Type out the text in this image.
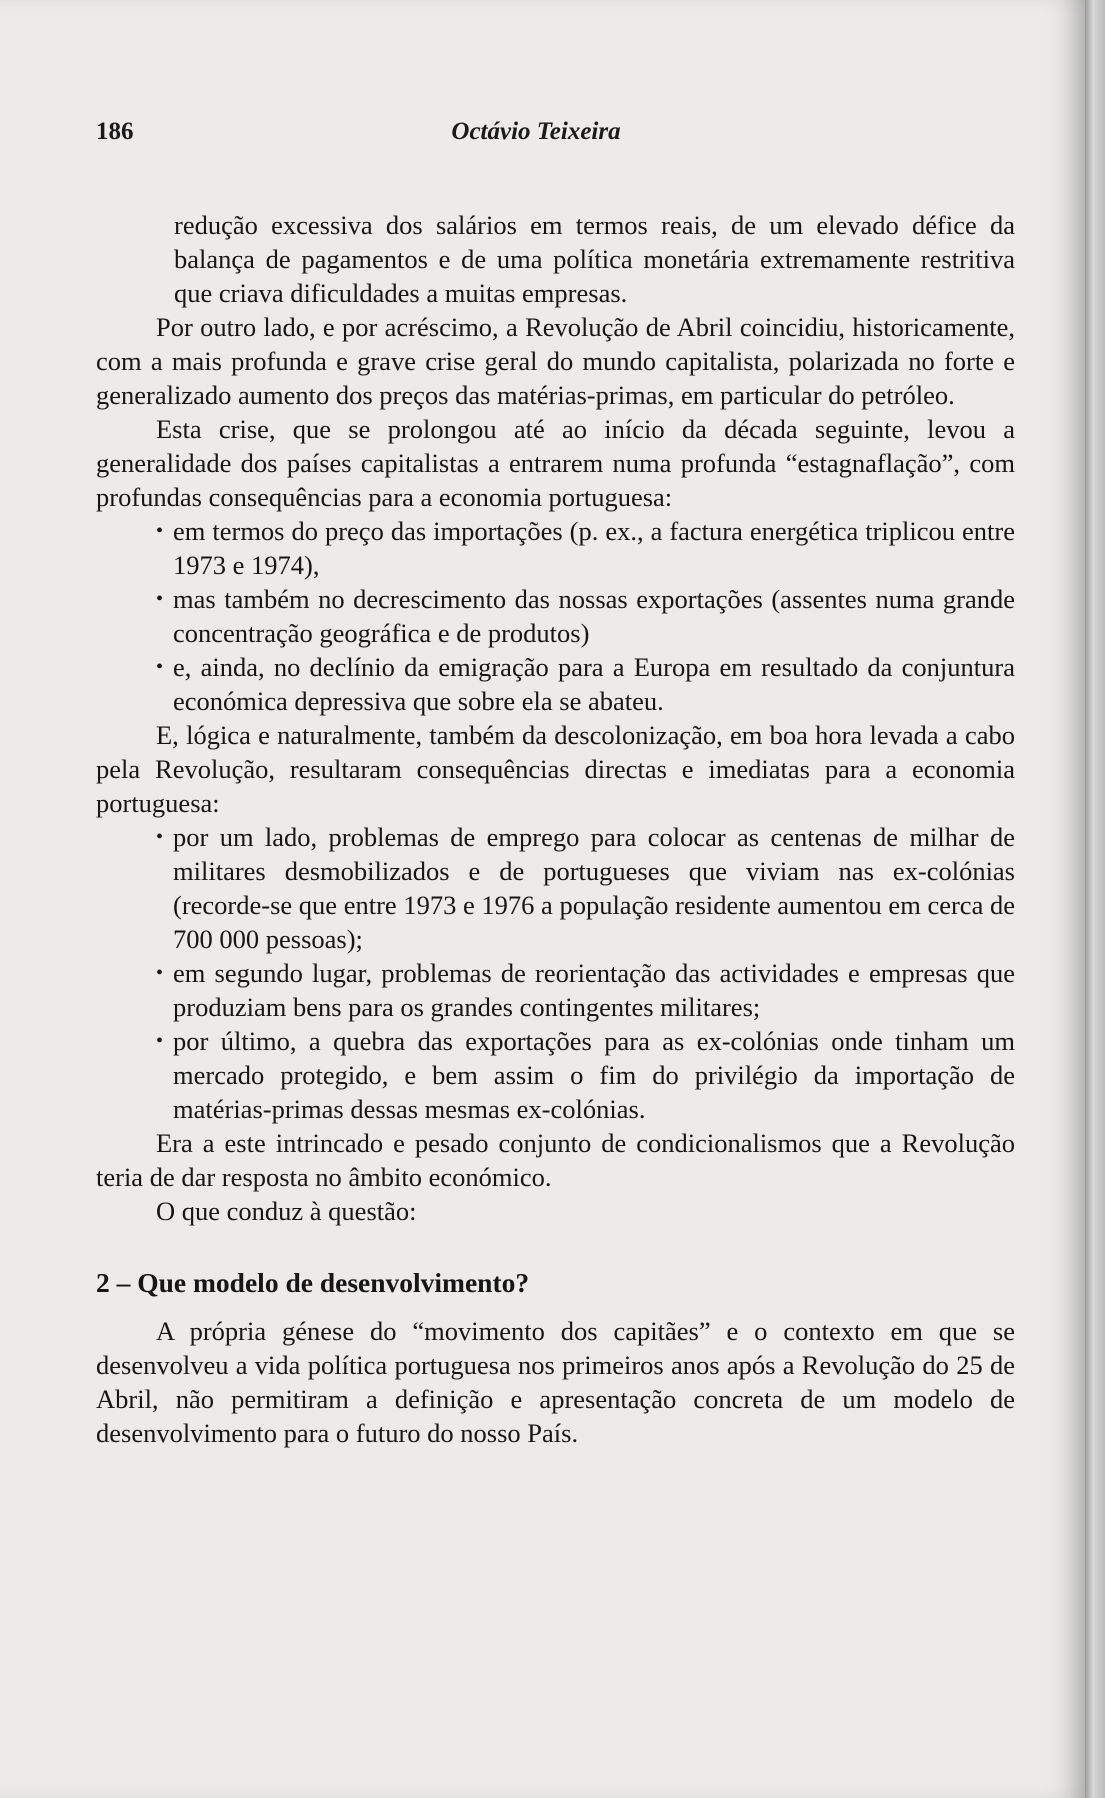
186	Octávio Teixeira

redução excessiva dos salários em termos reais, de um elevado défice da balança de pagamentos e de uma política monetária extremamente restritiva que criava dificuldades a muitas empresas.

Por outro lado, e por acréscimo, a Revolução de Abril coincidiu, historicamente, com a mais profunda e grave crise geral do mundo capitalista, polarizada no forte e generalizado aumento dos preços das matérias-primas, em particular do petróleo.

Esta crise, que se prolongou até ao início da década seguinte, levou a generalidade dos países capitalistas a entrarem numa profunda “estagnaflação”, com profundas consequências para a economia portuguesa:

• em termos do preço das importações (p. ex., a factura energética triplicou entre 1973 e 1974),
• mas também no decrescimento das nossas exportações (assentes numa grande concentração geográfica e de produtos)
• e, ainda, no declínio da emigração para a Europa em resultado da conjuntura económica depressiva que sobre ela se abateu.

E, lógica e naturalmente, também da descolonização, em boa hora levada a cabo pela Revolução, resultaram consequências directas e imediatas para a economia portuguesa:

• por um lado, problemas de emprego para colocar as centenas de milhar de militares desmobilizados e de portugueses que viviam nas ex-colónias (recorde-se que entre 1973 e 1976 a população residente aumentou em cerca de 700 000 pessoas);
• em segundo lugar, problemas de reorientação das actividades e empresas que produziam bens para os grandes contingentes militares;
• por último, a quebra das exportações para as ex-colónias onde tinham um mercado protegido, e bem assim o fim do privilégio da importação de matérias-primas dessas mesmas ex-colónias.

Era a este intrincado e pesado conjunto de condicionalismos que a Revolução teria de dar resposta no âmbito económico.

O que conduz à questão:

2 – Que modelo de desenvolvimento?

A própria génese do “movimento dos capitães” e o contexto em que se desenvolveu a vida política portuguesa nos primeiros anos após a Revolução do 25 de Abril, não permitiram a definição e apresentação concreta de um modelo de desenvolvimento para o futuro do nosso País.
